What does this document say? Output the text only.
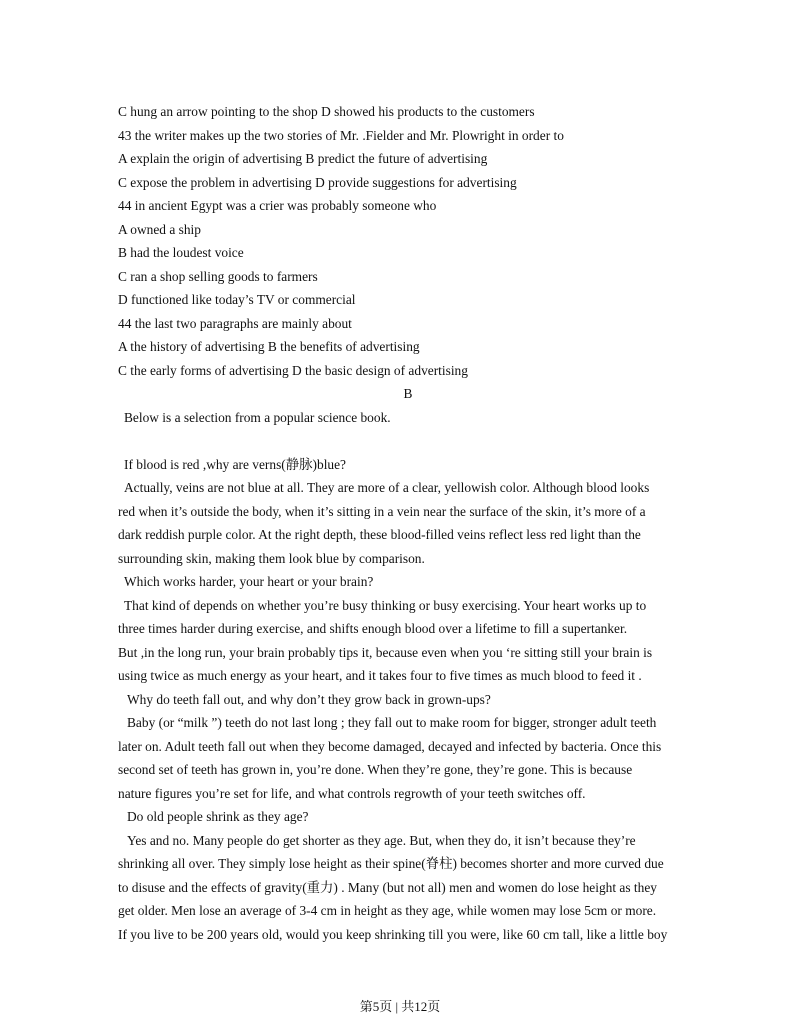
C hung an arrow pointing to the shop D showed his products to the customers
43 the writer makes up the two stories of Mr. .Fielder and Mr. Plowright in order to
A explain the origin of advertising B predict the future of advertising
C expose the problem in advertising D provide suggestions for advertising
44 in ancient Egypt was a crier was probably someone who
A owned a ship
B had the loudest voice
C ran a shop selling goods to farmers
D functioned like today’s TV or commercial
44 the last two paragraphs are mainly about
A the history of advertising B the benefits of advertising
C the early forms of advertising D the basic design of advertising
B
Below is a selection from a popular science book.
If blood is red ,why are verns(静脉)blue?
Actually, veins are not blue at all. They are more of a clear, yellowish color. Although blood looks
red when it’s outside the body, when it’s sitting in a vein near the surface of the skin, it’s more of a
dark reddish purple color. At the right depth, these blood-filled veins reflect less red light than the
surrounding skin, making them look blue by comparison.
Which works harder, your heart or your brain?
That kind of depends on whether you’re busy thinking or busy exercising. Your heart works up to
three times harder during exercise, and shifts enough blood over a lifetime to fill a supertanker.
But ,in the long run, your brain probably tips it, because even when you ‘re sitting still your brain is
using twice as much energy as your heart, and it takes four to five times as much blood to feed it .
Why do teeth fall out, and why don’t they grow back in grown-ups?
Baby (or “milk ”) teeth do not last long ; they fall out to make room for bigger, stronger adult teeth
later on. Adult teeth fall out when they become damaged, decayed and infected by bacteria. Once this
second set of teeth has grown in, you’re done. When they’re gone, they’re gone. This is because
nature figures you’re set for life, and what controls regrowth of your teeth switches off.
Do old people shrink as they age?
Yes and no. Many people do get shorter as they age. But, when they do, it isn’t because they’re
shrinking all over. They simply lose height as their spine(脊柱) becomes shorter and more curved due
to disuse and the effects of gravity(重力) . Many (but not all) men and women do lose height as they
get older. Men lose an average of 3-4 cm in height as they age, while women may lose 5cm or more.
If you live to be 200 years old, would you keep shrinking till you were, like 60 cm tall, like a little boy
第5页 | 共12页
